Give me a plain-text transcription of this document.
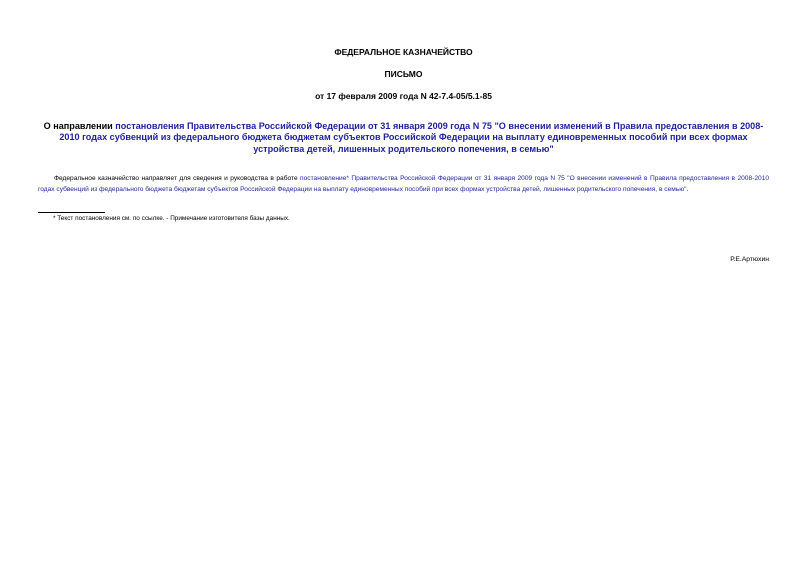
ФЕДЕРАЛЬНОЕ КАЗНАЧЕЙСТВО
ПИСЬМО
от 17 февраля 2009 года N 42-7.4-05/5.1-85
О направлении постановления Правительства Российской Федерации от 31 января 2009 года N 75 "О внесении изменений в Правила предоставления в 2008-2010 годах субвенций из федерального бюджета бюджетам субъектов Российской Федерации на выплату единовременных пособий при всех формах устройства детей, лишенных родительского попечения, в семью"
Федеральное казначейство направляет для сведения и руководства в работе постановление* Правительства Российской Федерации от 31 января 2009 года N 75 "О внесении изменений в Правила предоставления в 2008-2010 годах субвенций из федерального бюджета бюджетам субъектов Российской Федерации на выплату единовременных пособий при всех формах устройства детей, лишенных родительского попечения, в семью".
* Текст постановления см. по ссылке. - Примечание изготовителя базы данных.
Р.Е.Артюхин
